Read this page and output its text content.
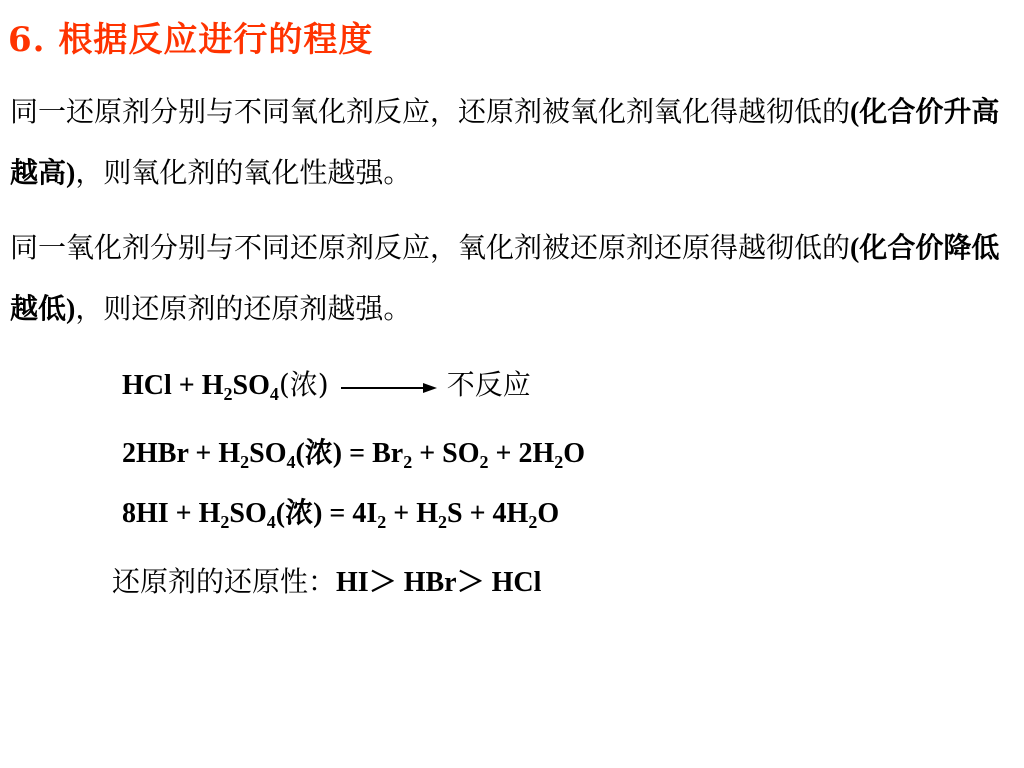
6. 根据反应进行的程度

同一还原剂分别与不同氧化剂反应，还原剂被氧化剂氧化得越彻低的(化合价升高越高)，则氧化剂的氧化性越强。

同一氧化剂分别与不同还原剂反应，氧化剂被还原剂还原得越彻低的(化合价降低越低)，则还原剂的还原剂越强。

HCl + $H_2SO_4$(浓)	不反应
$2HBr + H_2SO_4$(浓) = $Br_2 + SO_2 + 2H_2O$
$8HI + H_2SO_4$(浓) = $4I_2 + H_2S + 4H_2O$
还原剂的还原性：HI＞ HBr＞ HCl
